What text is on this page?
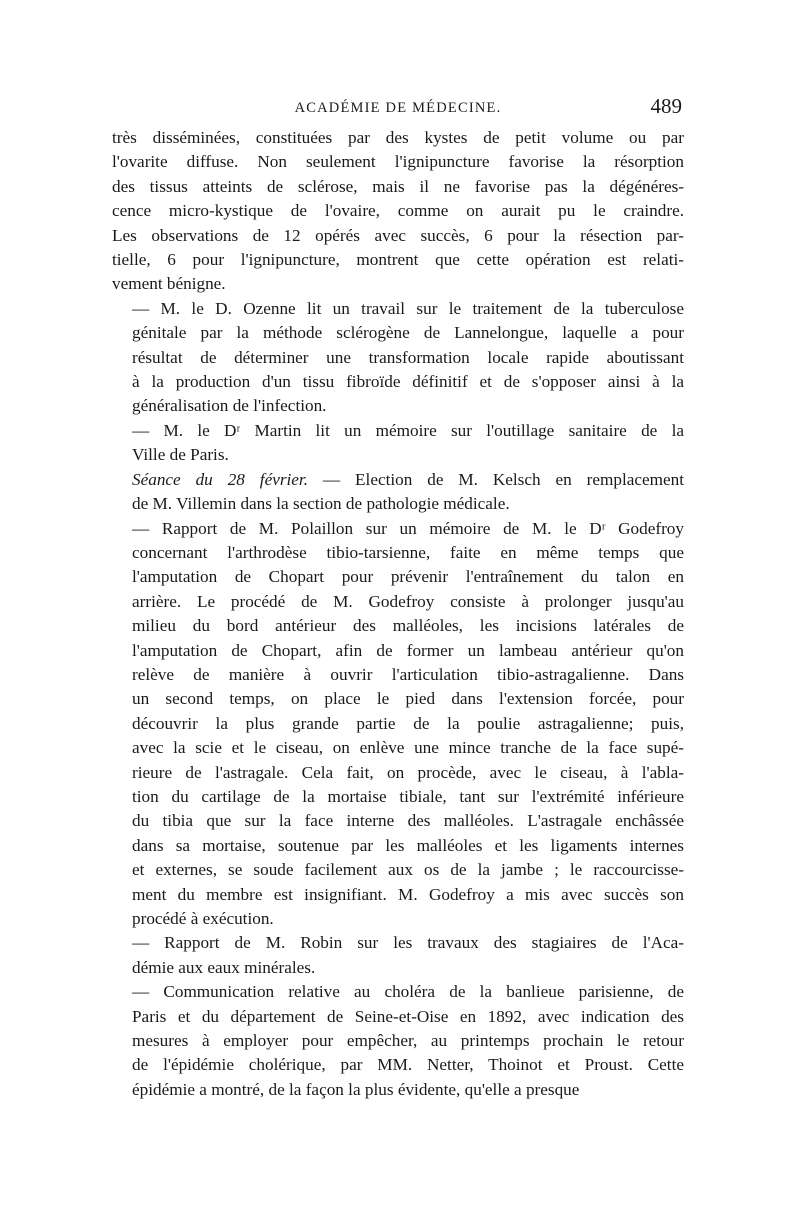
ACADÉMIE DE MÉDECINE.	489

très disséminées, constituées par des kystes de petit volume ou par
l'ovarite diffuse. Non seulement l'ignipuncture favorise la résorption
des tissus atteints de sclérose, mais il ne favorise pas la dégénéres-
cence micro-kystique de l'ovaire, comme on aurait pu le craindre.
Les observations de 12 opérés avec succès, 6 pour la résection par-
tielle, 6 pour l'ignipuncture, montrent que cette opération est relati-
vement bénigne.

— M. le D. Ozenne lit un travail sur le traitement de la tuberculose
génitale par la méthode sclérogène de Lannelongue, laquelle a pour
résultat de déterminer une transformation locale rapide aboutissant
à la production d'un tissu fibroïde définitif et de s'opposer ainsi à la
généralisation de l'infection.

— M. le Dʳ Martin lit un mémoire sur l'outillage sanitaire de la
Ville de Paris.

Séance du 28 février. — Election de M. Kelsch en remplacement
de M. Villemin dans la section de pathologie médicale.

— Rapport de M. Polaillon sur un mémoire de M. le Dʳ Godefroy
concernant l'arthrodèse tibio-tarsienne, faite en même temps que
l'amputation de Chopart pour prévenir l'entraînement du talon en
arrière. Le procédé de M. Godefroy consiste à prolonger jusqu'au
milieu du bord antérieur des malléoles, les incisions latérales de
l'amputation de Chopart, afin de former un lambeau antérieur qu'on
relève de manière à ouvrir l'articulation tibio-astragalienne. Dans
un second temps, on place le pied dans l'extension forcée, pour
découvrir la plus grande partie de la poulie astragalienne; puis,
avec la scie et le ciseau, on enlève une mince tranche de la face supé-
rieure de l'astragale. Cela fait, on procède, avec le ciseau, à l'abla-
tion du cartilage de la mortaise tibiale, tant sur l'extrémité inférieure
du tibia que sur la face interne des malléoles. L'astragale enchâssée
dans sa mortaise, soutenue par les malléoles et les ligaments internes
et externes, se soude facilement aux os de la jambe ; le raccourcisse-
ment du membre est insignifiant. M. Godefroy a mis avec succès son
procédé à exécution.

— Rapport de M. Robin sur les travaux des stagiaires de l'Aca-
démie aux eaux minérales.

— Communication relative au choléra de la banlieue parisienne, de
Paris et du département de Seine-et-Oise en 1892, avec indication des
mesures à employer pour empêcher, au printemps prochain le retour
de l'épidémie cholérique, par MM. Netter, Thoinot et Proust. Cette
épidémie a montré, de la façon la plus évidente, qu'elle a presque
